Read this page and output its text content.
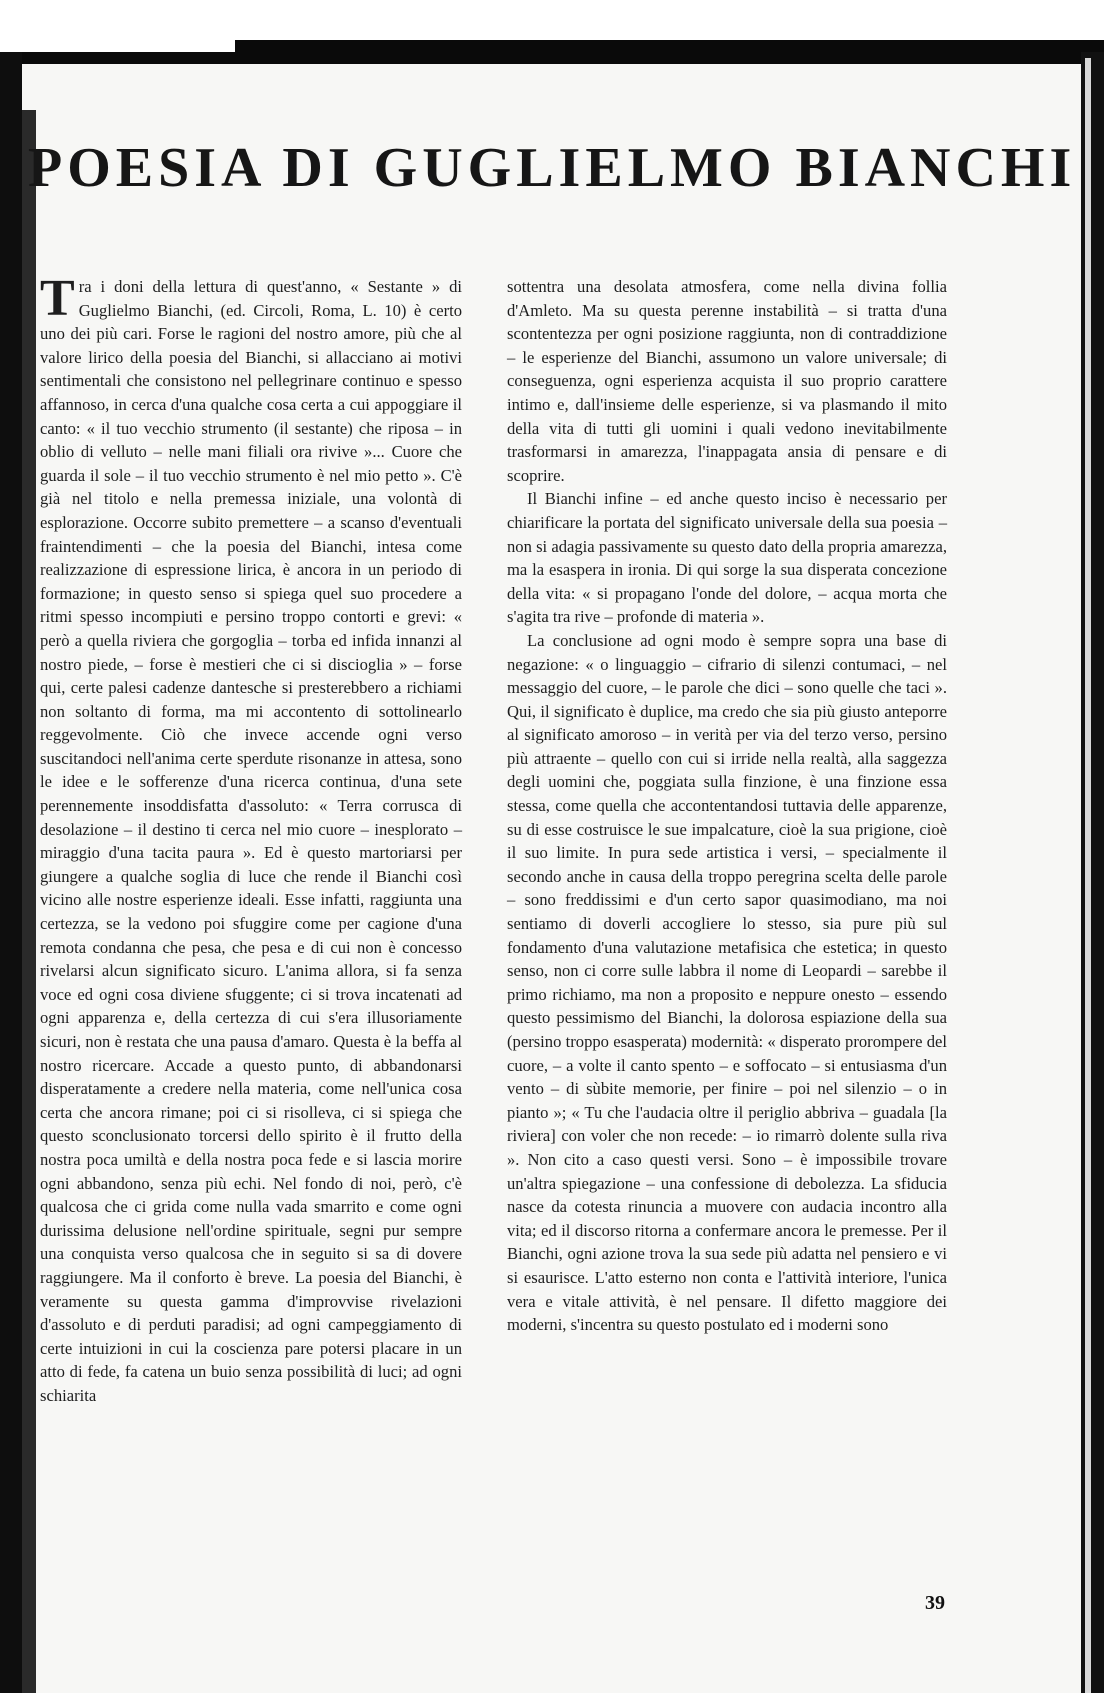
POESIA DI GUGLIELMO BIANCHI

Tra i doni della lettura di quest'anno, « Sestante » di Guglielmo Bianchi, (ed. Circoli, Roma, L. 10) è certo uno dei più cari. Forse le ragioni del nostro amore, più che al valore lirico della poesia del Bianchi, si allacciano ai motivi sentimentali che consistono nel pellegrinare continuo e spesso affannoso, in cerca d'una qualche cosa certa a cui appoggiare il canto: « il tuo vecchio strumento (il sestante) che riposa – in oblio di velluto – nelle mani filiali ora rivive »... Cuore che guarda il sole – il tuo vecchio strumento è nel mio petto ». C'è già nel titolo e nella premessa iniziale, una volontà di esplorazione. Occorre subito premettere – a scanso d'eventuali fraintendimenti – che la poesia del Bianchi, intesa come realizzazione di espressione lirica, è ancora in un periodo di formazione; in questo senso si spiega quel suo procedere a ritmi spesso incompiuti e persino troppo contorti e grevi: « però a quella riviera che gorgoglia – torba ed infida innanzi al nostro piede, – forse è mestieri che ci si discioglia » – forse qui, certe palesi cadenze dantesche si presterebbero a richiami non soltanto di forma, ma mi accontento di sottolinearlo reggevolmente. Ciò che invece accende ogni verso suscitandoci nell'anima certe sperdute risonanze in attesa, sono le idee e le sofferenze d'una ricerca continua, d'una sete perennemente insoddisfatta d'assoluto: « Terra corrusca di desolazione – il destino ti cerca nel mio cuore – inesplorato – miraggio d'una tacita paura ». Ed è questo martoriarsi per giungere a qualche soglia di luce che rende il Bianchi così vicino alle nostre esperienze ideali. Esse infatti, raggiunta una certezza, se la vedono poi sfuggire come per cagione d'una remota condanna che pesa, che pesa e di cui non è concesso rivelarsi alcun significato sicuro. L'anima allora, si fa senza voce ed ogni cosa diviene sfuggente; ci si trova incatenati ad ogni apparenza e, della certezza di cui s'era illusoriamente sicuri, non è restata che una pausa d'amaro. Questa è la beffa al nostro ricercare. Accade a questo punto, di abbandonarsi disperatamente a credere nella materia, come nell'unica cosa certa che ancora rimane; poi ci si risolleva, ci si spiega che questo sconclusionato torcersi dello spirito è il frutto della nostra poca umiltà e della nostra poca fede e si lascia morire ogni abbandono, senza più echi. Nel fondo di noi, però, c'è qualcosa che ci grida come nulla vada smarrito e come ogni durissima delusione nell'ordine spirituale, segni pur sempre una conquista verso qualcosa che in seguito si sa di dovere raggiungere. Ma il conforto è breve. La poesia del Bianchi, è veramente su questa gamma d'improvvise rivelazioni d'assoluto e di perduti paradisi; ad ogni campeggiamento di certe intuizioni in cui la coscienza pare potersi placare in un atto di fede, fa catena un buio senza possibilità di luci; ad ogni schiarita

sottentra una desolata atmosfera, come nella divina follia d'Amleto. Ma su questa perenne instabilità – si tratta d'una scontentezza per ogni posizione raggiunta, non di contraddizione – le esperienze del Bianchi, assumono un valore universale; di conseguenza, ogni esperienza acquista il suo proprio carattere intimo e, dall'insieme delle esperienze, si va plasmando il mito della vita di tutti gli uomini i quali vedono inevitabilmente trasformarsi in amarezza, l'inappagata ansia di pensare e di scoprire.

Il Bianchi infine – ed anche questo inciso è necessario per chiarificare la portata del significato universale della sua poesia – non si adagia passivamente su questo dato della propria amarezza, ma la esaspera in ironia. Di qui sorge la sua disperata concezione della vita: « si propagano l'onde del dolore, – acqua morta che s'agita tra rive – profonde di materia ».

La conclusione ad ogni modo è sempre sopra una base di negazione: « o linguaggio – cifrario di silenzi contumaci, – nel messaggio del cuore, – le parole che dici – sono quelle che taci ». Qui, il significato è duplice, ma credo che sia più giusto anteporre al significato amoroso – in verità per via del terzo verso, persino più attraente – quello con cui si irride nella realtà, alla saggezza degli uomini che, poggiata sulla finzione, è una finzione essa stessa, come quella che accontentandosi tuttavia delle apparenze, su di esse costruisce le sue impalcature, cioè la sua prigione, cioè il suo limite. In pura sede artistica i versi, – specialmente il secondo anche in causa della troppo peregrina scelta delle parole – sono freddissimi e d'un certo sapor quasimodiano, ma noi sentiamo di doverli accogliere lo stesso, sia pure più sul fondamento d'una valutazione metafisica che estetica; in questo senso, non ci corre sulle labbra il nome di Leopardi – sarebbe il primo richiamo, ma non a proposito e neppure onesto – essendo questo pessimismo del Bianchi, la dolorosa espiazione della sua (persino troppo esasperata) modernità: « disperato prorompere del cuore, – a volte il canto spento – e soffocato – si entusiasma d'un vento – di sùbite memorie, per finire – poi nel silenzio – o in pianto »; « Tu che l'audacia oltre il periglio abbriva – guadala [la riviera] con voler che non recede: – io rimarrò dolente sulla riva ». Non cito a caso questi versi. Sono – è impossibile trovare un'altra spiegazione – una confessione di debolezza. La sfiducia nasce da cotesta rinuncia a muovere con audacia incontro alla vita; ed il discorso ritorna a confermare ancora le premesse. Per il Bianchi, ogni azione trova la sua sede più adatta nel pensiero e vi si esaurisce. L'atto esterno non conta e l'attività interiore, l'unica vera e vitale attività, è nel pensare. Il difetto maggiore dei moderni, s'incentra su questo postulato ed i moderni sono

39
